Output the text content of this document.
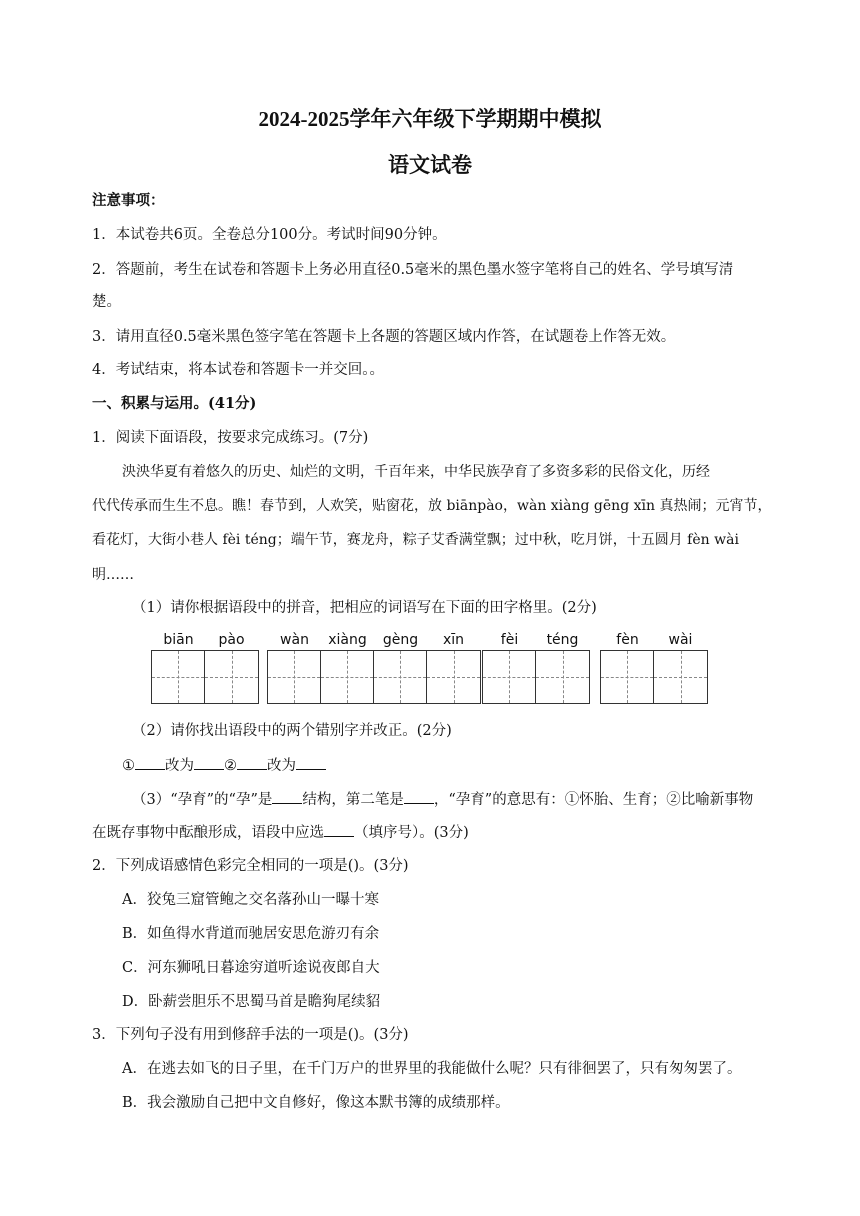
2024-2025学年六年级下学期期中模拟
语文试卷
注意事项：
1．本试卷共6页。全卷总分100分。考试时间90分钟。
2．答题前，考生在试卷和答题卡上务必用直径0.5毫米的黑色墨水签字笔将自己的姓名、学号填写清
楚。
3．请用直径0.5毫米黑色签字笔在答题卡上各题的答题区域内作答，在试题卷上作答无效。
4．考试结束，将本试卷和答题卡一并交回。。
一、积累与运用。(41分)
1．阅读下面语段，按要求完成练习。(7分)
泱泱华夏有着悠久的历史、灿烂的文明，千百年来，中华民族孕育了多资多彩的民俗文化，历经
代代传承而生生不息。瞧！春节到，人欢笑，贴窗花，放 biānpào，wàn xiàng gēng xīn 真热闹；元宵节，
看花灯，大街小巷人 fèi téng；端午节，赛龙舟，粽子艾香满堂飘；过中秋，吃月饼，十五圆月 fèn wài
明……
（1）请你根据语段中的拼音，把相应的词语写在下面的田字格里。(2分)
biān	pào	wàn	xiàng	gèng	xīn	fèi	téng	fèn	wài
（2）请你找出语段中的两个错别字并改正。(2分)
① 改为 ② 改为
（3）“孕育”的“孕”是 结构，第二笔是 ，“孕育”的意思有：①怀胎、生育；②比喻新事物
在既存事物中酝酿形成，语段中应选 （填序号）。(3分)
2．下列成语感情色彩完全相同的一项是()。(3分)
A．狡兔三窟管鲍之交名落孙山一曝十寒
B．如鱼得水背道而驰居安思危游刃有余
C．河东狮吼日暮途穷道听途说夜郎自大
D．卧薪尝胆乐不思蜀马首是瞻狗尾续貂
3．下列句子没有用到修辞手法的一项是()。(3分)
A．在逃去如飞的日子里，在千门万户的世界里的我能做什么呢？只有徘徊罢了，只有匆匆罢了。
B．我会激励自己把中文自修好，像这本默书簿的成绩那样。
